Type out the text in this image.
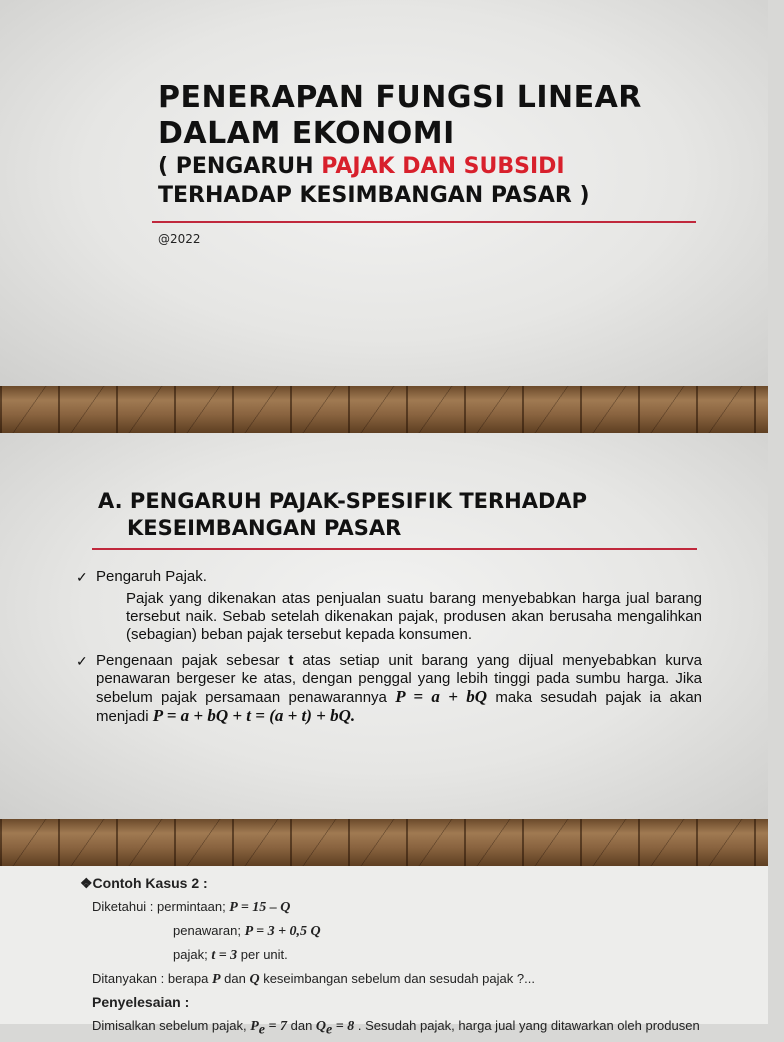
PENERAPAN FUNGSI LINEAR
DALAM EKONOMI
( PENGARUH PAJAK DAN SUBSIDI
TERHADAP KESIMBANGAN PASAR )
@2022
A. PENGARUH PAJAK-SPESIFIK TERHADAP
KESEIMBANGAN PASAR
✓ Pengaruh Pajak.
Pajak yang dikenakan atas penjualan suatu barang menyebabkan harga jual barang tersebut naik. Sebab setelah dikenakan pajak, produsen akan berusaha mengalihkan (sebagian) beban pajak tersebut kepada konsumen.
✓ Pengenaan pajak sebesar t atas setiap unit barang yang dijual menyebabkan kurva penawaran bergeser ke atas, dengan penggal yang lebih tinggi pada sumbu harga. Jika sebelum pajak persamaan penawarannya P = a + bQ maka sesudah pajak ia akan menjadi P = a + bQ + t = (a + t) + bQ.
❖Contoh Kasus 2 :
Diketahui : permintaan; P = 15 – Q
penawaran; P = 3 + 0,5 Q
pajak; t = 3 per unit.
Ditanyakan : berapa P dan Q keseimbangan sebelum dan sesudah pajak ?...
Penyelesaian :
Dimisalkan sebelum pajak, $P_e = 7$ dan $Q_e = 8$ . Sesudah pajak, harga jual yang ditawarkan oleh produsen
